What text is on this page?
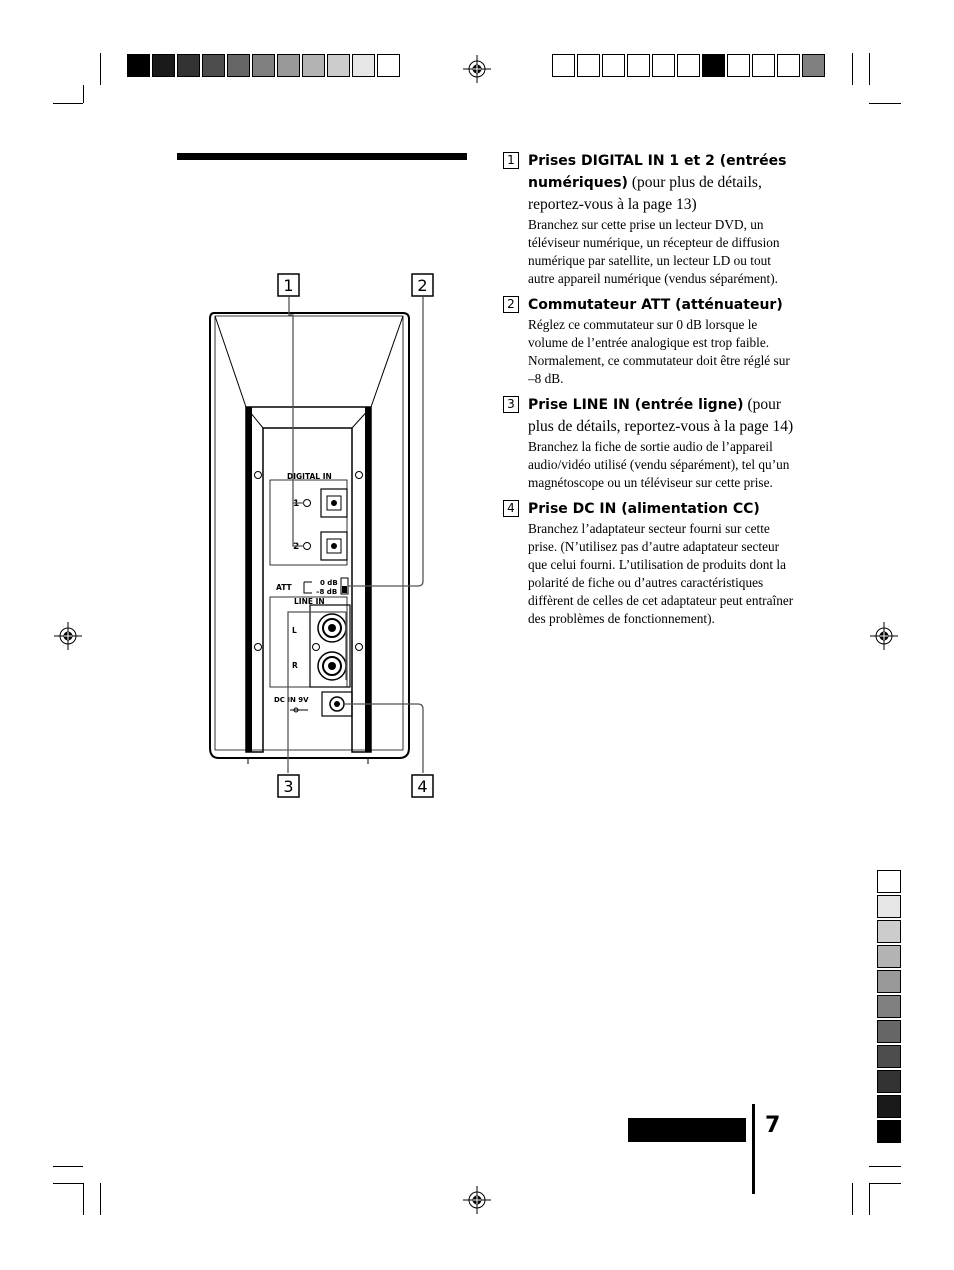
DIGITAL IN
1
2
ATT	0 dB
–8 dB
LINE IN
L
R
DC IN 9V
1	2
3	4
1 Prises DIGITAL IN 1 et 2 (entrées numériques) (pour plus de détails, reportez-vous à la page 13)
Branchez sur cette prise un lecteur DVD, un téléviseur numérique, un récepteur de diffusion numérique par satellite, un lecteur LD ou tout autre appareil numérique (vendus séparément).
2 Commutateur ATT (atténuateur)
Réglez ce commutateur sur 0 dB lorsque le volume de l’entrée analogique est trop faible. Normalement, ce commutateur doit être réglé sur –8 dB.
3 Prise LINE IN (entrée ligne) (pour plus de détails, reportez-vous à la page 14)
Branchez la fiche de sortie audio de l’appareil audio/vidéo utilisé (vendu séparément), tel qu’un magnétoscope ou un téléviseur sur cette prise.
4 Prise DC IN (alimentation CC)
Branchez l’adaptateur secteur fourni sur cette prise. (N’utilisez pas d’autre adaptateur secteur que celui fourni. L’utilisation de produits dont la polarité de fiche ou d’autres caractéristiques diffèrent de celles de cet adaptateur peut entraîner des problèmes de fonctionnement).
7
